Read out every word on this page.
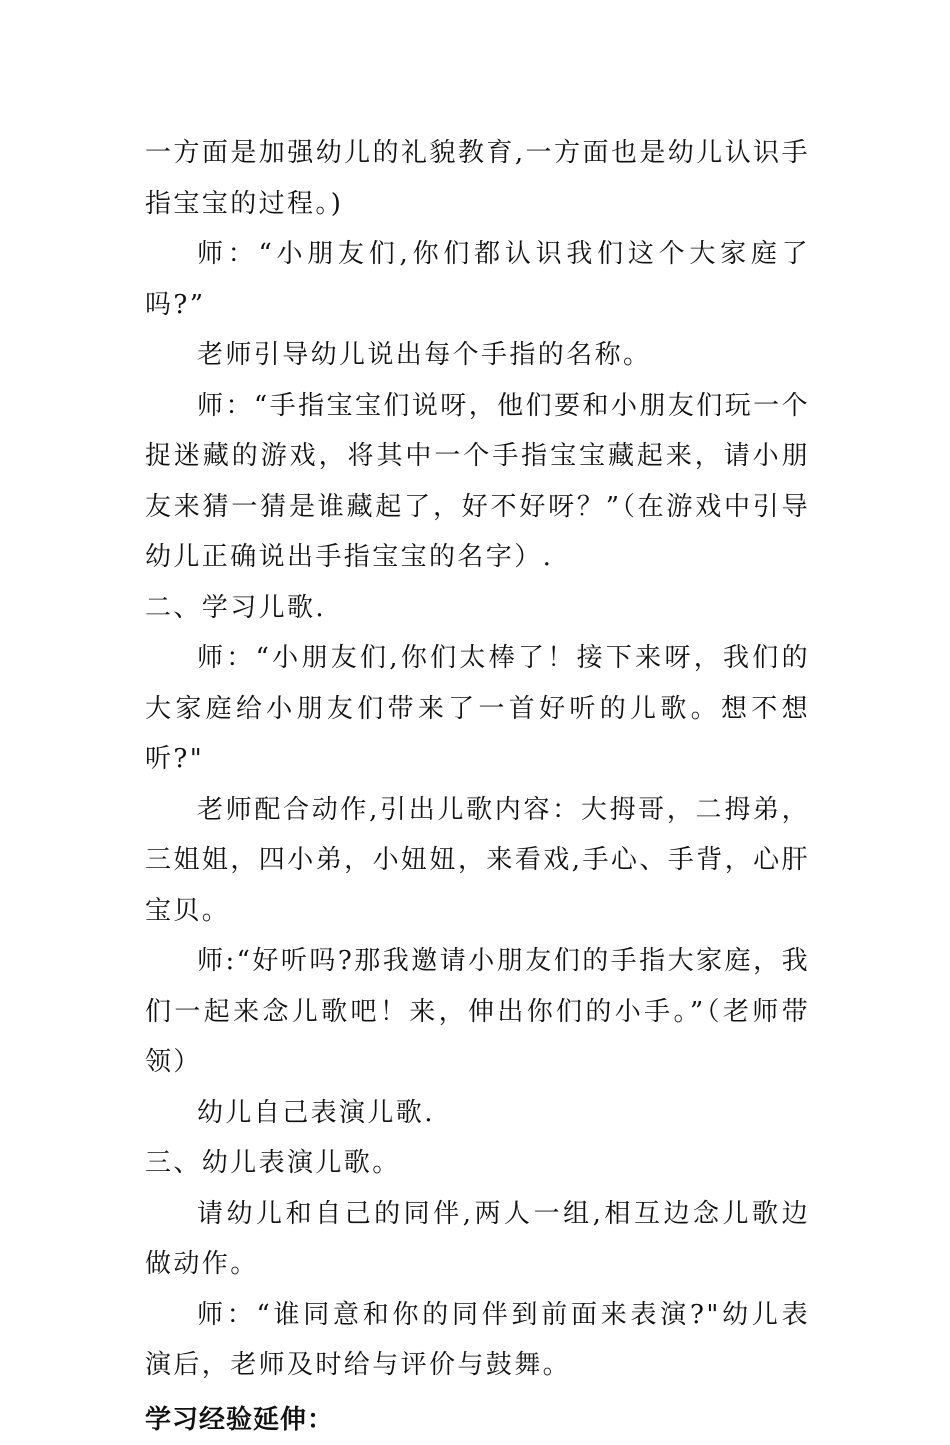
一方面是加强幼儿的礼貌教育,一方面也是幼儿认识手指宝宝的过程。)

师：“小朋友们,你们都认识我们这个大家庭了吗?”

老师引导幼儿说出每个手指的名称。

师：“手指宝宝们说呀，他们要和小朋友们玩一个捉迷藏的游戏，将其中一个手指宝宝藏起来，请小朋友来猜一猜是谁藏起了，好不好呀？”（在游戏中引导幼儿正确说出手指宝宝的名字）.

二、学习儿歌.

师：“小朋友们,你们太棒了！接下来呀，我们的大家庭给小朋友们带来了一首好听的儿歌。想不想听?"

老师配合动作,引出儿歌内容：大拇哥，二拇弟，三姐姐，四小弟，小妞妞，来看戏,手心、手背，心肝宝贝。

师:“好听吗?那我邀请小朋友们的手指大家庭，我们一起来念儿歌吧！来，伸出你们的小手。”（老师带领）

幼儿自己表演儿歌.

三、幼儿表演儿歌。

请幼儿和自己的同伴,两人一组,相互边念儿歌边做动作。

师：“谁同意和你的同伴到前面来表演?"幼儿表演后，老师及时给与评价与鼓舞。

学习经验延伸：
